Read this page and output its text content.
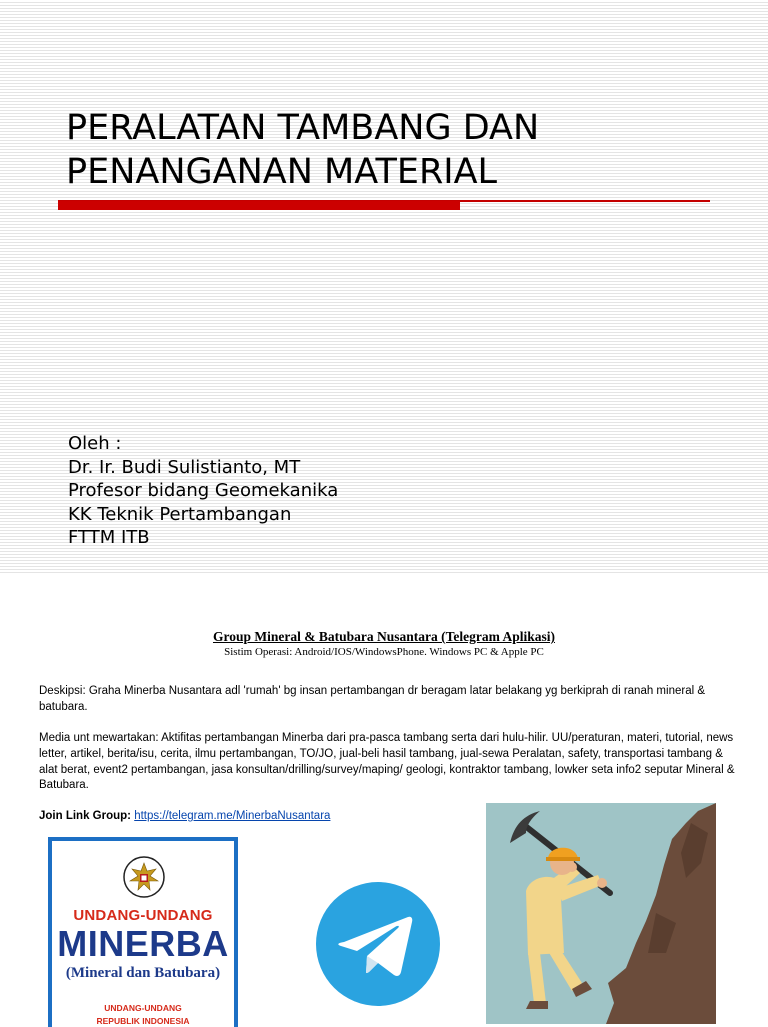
PERALATAN TAMBANG DAN
PENANGANAN MATERIAL
Oleh :
Dr. Ir. Budi Sulistianto, MT
Profesor bidang Geomekanika
KK Teknik Pertambangan
FTTM ITB
Group Mineral & Batubara Nusantara (Telegram Aplikasi)
Sistim Operasi: Android/IOS/WindowsPhone. Windows PC & Apple PC

Deskipsi: Graha Minerba Nusantara adl 'rumah' bg insan pertambangan dr beragam latar belakang yg berkiprah di ranah mineral & batubara.

Media unt mewartakan: Aktifitas pertambangan Minerba dari pra-pasca tambang serta dari hulu-hilir. UU/peraturan, materi, tutorial, news letter, artikel, berita/isu, cerita, ilmu pertambangan, TO/JO, jual-beli hasil tambang, jual-sewa Peralatan, safety, transportasi tambang & alat berat, event2 pertambangan, jasa konsultan/drilling/survey/maping/ geologi, kontraktor tambang, lowker seta info2 seputar Mineral & Batubara.

Join Link Group: https://telegram.me/MinerbaNusantara

UNDANG-UNDANG
MINERBA
(Mineral dan Batubara)
UNDANG-UNDANG
REPUBLIK INDONESIA
